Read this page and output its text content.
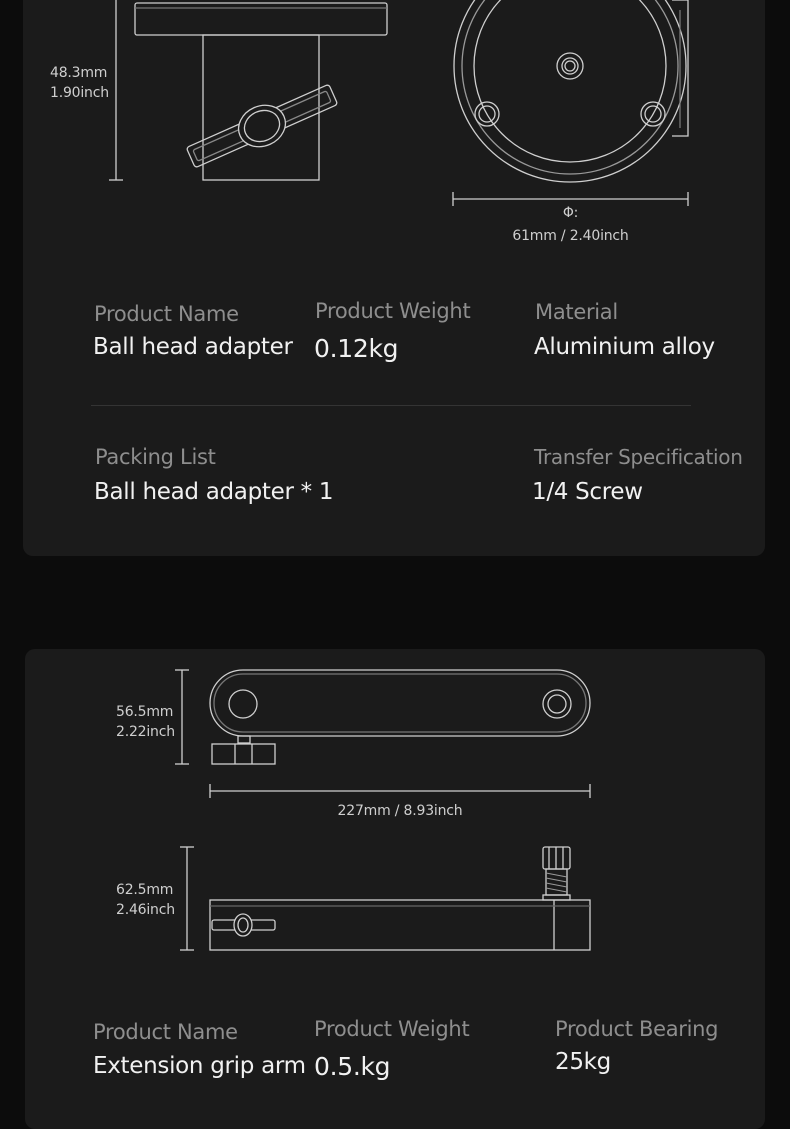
48.3mm
1.90inch
Φ:
61mm / 2.40inch
Product Name
Ball head adapter
Product Weight
0.12kg
Material
Aluminium alloy
Packing List
Ball head adapter * 1
Transfer Specification
1/4 Screw
56.5mm
2.22inch
227mm / 8.93inch
62.5mm
2.46inch
Product Name
Extension grip arm
Product Weight
0.5.kg
Product Bearing
25kg
